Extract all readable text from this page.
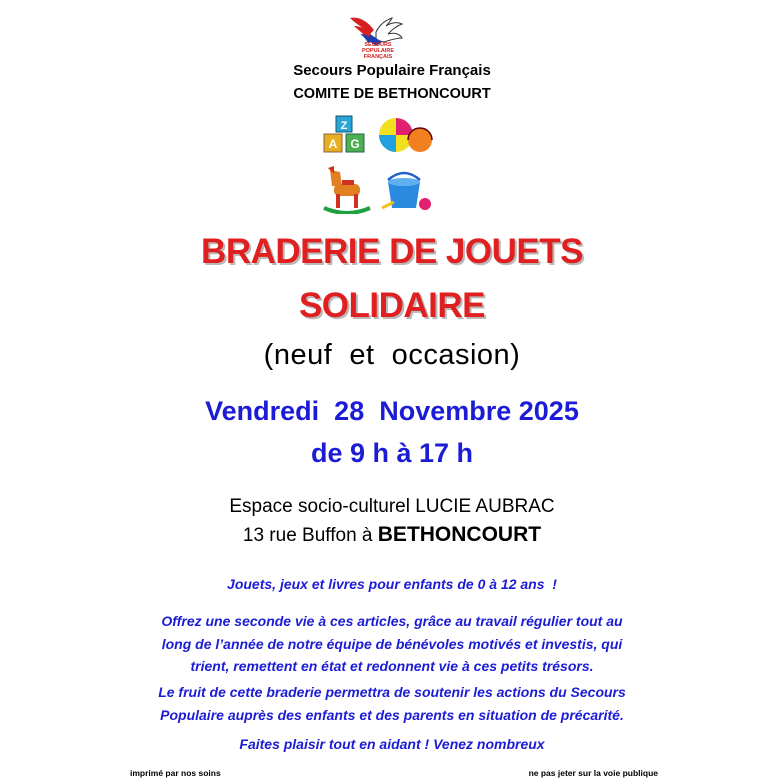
SECOURS
POPULAIRE
FRANÇAIS
Secours Populaire Français
COMITE DE BETHONCOURT
Z
A G
BRADERIE DE JOUETS
SOLIDAIRE
(neuf  et  occasion)
Vendredi  28  Novembre 2025
de 9 h à 17 h
Espace socio-culturel LUCIE AUBRAC
13 rue Buffon à BETHONCOURT
Jouets, jeux et livres pour enfants de 0 à 12 ans  !
Offrez une seconde vie à ces articles, grâce au travail régulier tout au
long de l’année de notre équipe de bénévoles motivés et investis, qui
trient, remettent en état et redonnent vie à ces petits trésors.
Le fruit de cette braderie permettra de soutenir les actions du Secours
Populaire auprès des enfants et des parents en situation de précarité.
Faites plaisir tout en aidant ! Venez nombreux
imprimé par nos soins	ne pas jeter sur la voie publique
